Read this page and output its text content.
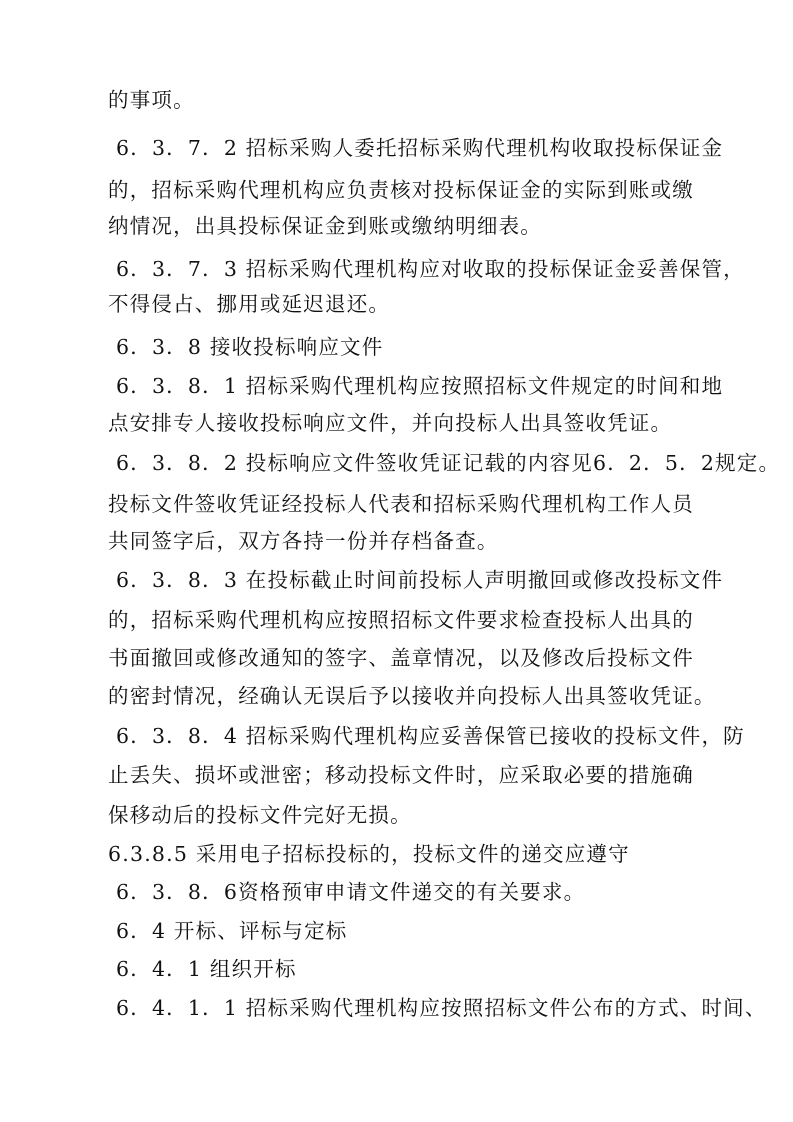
的事项。
6．3．7．2 招标采购人委托招标采购代理机构收取投标保证金
的，招标采购代理机构应负责核对投标保证金的实际到账或缴
纳情况，出具投标保证金到账或缴纳明细表。
6．3．7．3 招标采购代理机构应对收取的投标保证金妥善保管，
不得侵占、挪用或延迟退还。
6．3．8 接收投标响应文件
6．3．8．1 招标采购代理机构应按照招标文件规定的时间和地
点安排专人接收投标响应文件，并向投标人出具签收凭证。
6．3．8．2 投标响应文件签收凭证记载的内容见6．2．5．2规定。
投标文件签收凭证经投标人代表和招标采购代理机构工作人员
共同签字后，双方各持一份并存档备查。
6．3．8．3 在投标截止时间前投标人声明撤回或修改投标文件
的，招标采购代理机构应按照招标文件要求检查投标人出具的
书面撤回或修改通知的签字、盖章情况，以及修改后投标文件
的密封情况，经确认无误后予以接收并向投标人出具签收凭证。
6．3．8．4 招标采购代理机构应妥善保管已接收的投标文件，防
止丢失、损坏或泄密；移动投标文件时，应采取必要的措施确
保移动后的投标文件完好无损。
6.3.8.5 采用电子招标投标的，投标文件的递交应遵守
6．3．8．6资格预审申请文件递交的有关要求。
6．4 开标、评标与定标
6．4．1 组织开标
6．4．1．1 招标采购代理机构应按照招标文件公布的方式、时间、
